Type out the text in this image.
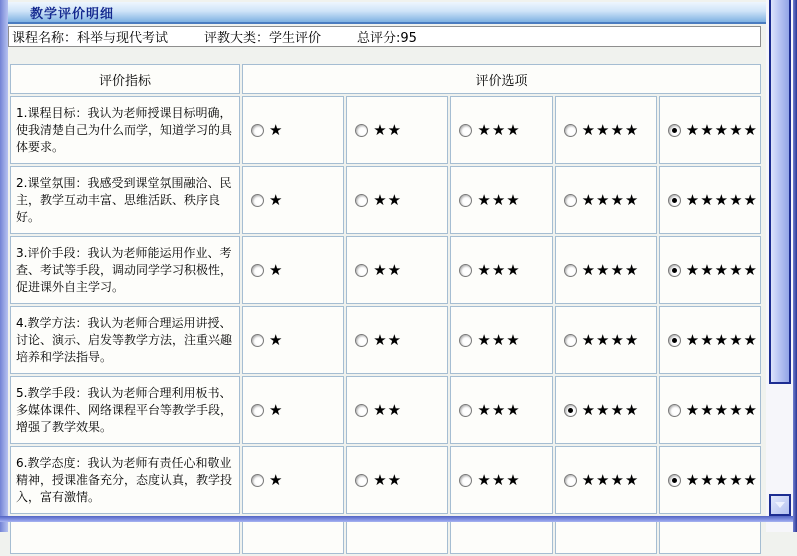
教学评价明细
课程名称：科举与现代考试	评教大类：学生评价	总评分:95
评价指标	评价选项				
1.课程目标：我认为老师授课目标明确，使我清楚自己为什么而学，知道学习的具体要求。	★	★★	★★★	★★★★	★★★★★

2.课堂氛围：我感受到课堂氛围融洽、民主，教学互动丰富、思维活跃、秩序良好。	★	★★	★★★	★★★★	★★★★★

3.评价手段：我认为老师能运用作业、考查、考试等手段，调动同学学习积极性，促进课外自主学习。	★	★★	★★★	★★★★	★★★★★

4.教学方法：我认为老师合理运用讲授、讨论、演示、启发等教学方法，注重兴趣培养和学法指导。	★	★★	★★★	★★★★	★★★★★

5.教学手段：我认为老师合理利用板书、多媒体课件、网络课程平台等教学手段，增强了教学效果。	★	★★	★★★	★★★★	★★★★★

6.教学态度：我认为老师有责任心和敬业精神，授课准备充分，态度认真，教学投入，富有激情。	★	★★	★★★	★★★★	★★★★★
